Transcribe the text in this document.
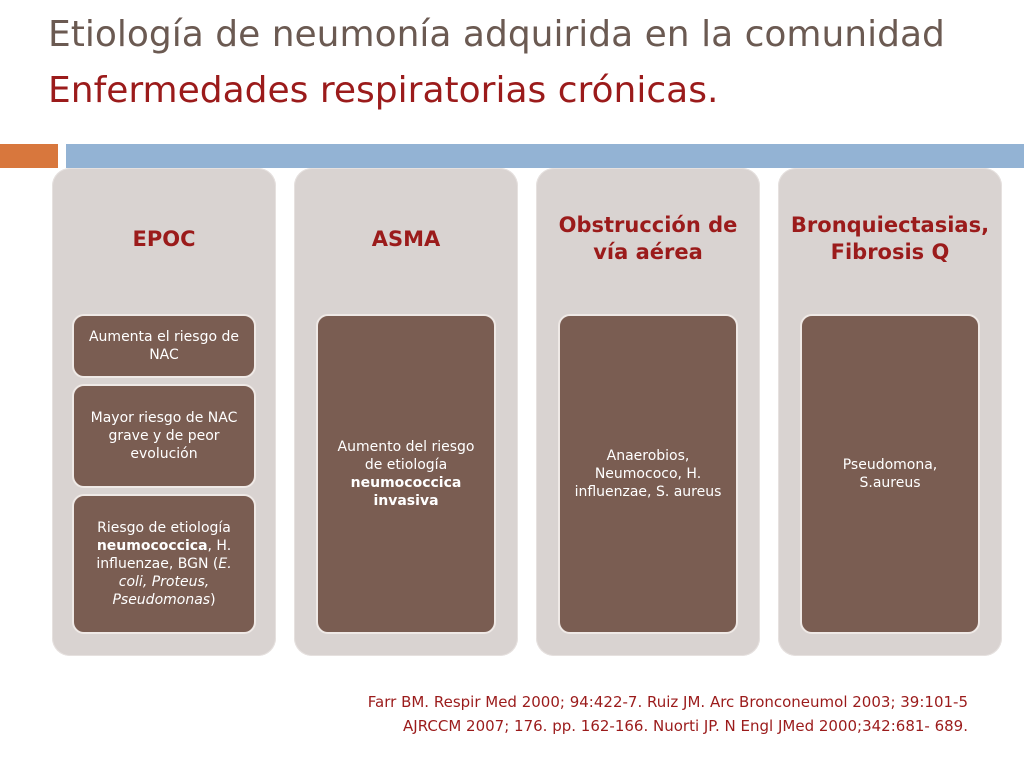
Etiología de neumonía adquirida en la comunidad
Enfermedades respiratorias crónicas.
EPOC
Aumenta el riesgo de NAC
Mayor riesgo de NAC grave y de peor evolución
Riesgo de etiología neumococcica, H. influenzae, BGN (E. coli, Proteus, Pseudomonas)
ASMA
Aumento del riesgo de etiología neumococcica invasiva
Obstrucción de vía aérea
Anaerobios, Neumococo, H. influenzae, S. aureus
Bronquiectasias, Fibrosis Q
Pseudomona, S.aureus
Farr BM. Respir Med 2000; 94:422-7. Ruiz JM. Arc Bronconeumol 2003; 39:101-5
AJRCCM 2007; 176. pp. 162-166. Nuorti JP. N Engl JMed 2000;342:681- 689.
